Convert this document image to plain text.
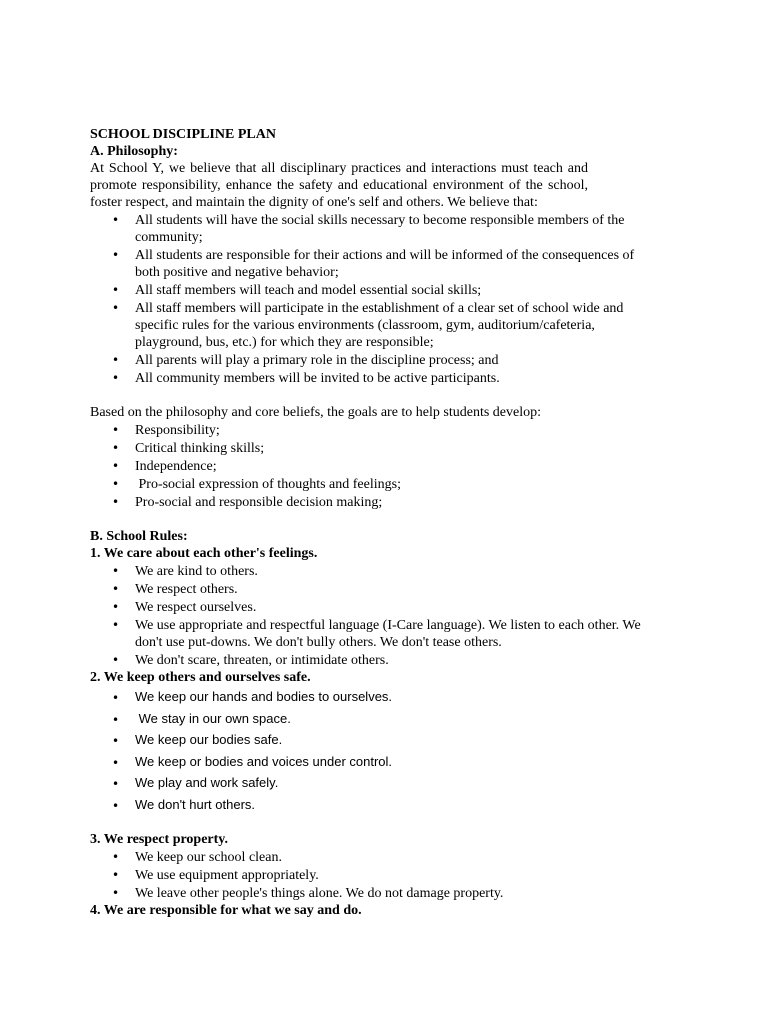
SCHOOL DISCIPLINE PLAN

A. Philosophy:

At School Y, we believe that all disciplinary practices and interactions must teach and promote responsibility, enhance the safety and educational environment of the school, foster respect, and maintain the dignity of one's self and others. We believe that:

• All students will have the social skills necessary to become responsible members of the community;
• All students are responsible for their actions and will be informed of the consequences of both positive and negative behavior;
• All staff members will teach and model essential social skills;
• All staff members will participate in the establishment of a clear set of school wide and specific rules for the various environments (classroom, gym, auditorium/cafeteria, playground, bus, etc.) for which they are responsible;
• All parents will play a primary role in the discipline process; and
• All community members will be invited to be active participants.

Based on the philosophy and core beliefs, the goals are to help students develop:

• Responsibility;
• Critical thinking skills;
• Independence;
•  Pro-social expression of thoughts and feelings;
• Pro-social and responsible decision making;

B. School Rules:

1. We care about each other's feelings.

• We are kind to others.
• We respect others.
• We respect ourselves.
• We use appropriate and respectful language (I-Care language). We listen to each other. We don't use put-downs. We don't bully others. We don't tease others.
• We don't scare, threaten, or intimidate others.

2. We keep others and ourselves safe.

• We keep our hands and bodies to ourselves.
•  We stay in our own space.
• We keep our bodies safe.
• We keep or bodies and voices under control.
• We play and work safely.
• We don't hurt others.

3. We respect property.

• We keep our school clean.
• We use equipment appropriately.
• We leave other people's things alone. We do not damage property.

4. We are responsible for what we say and do.
